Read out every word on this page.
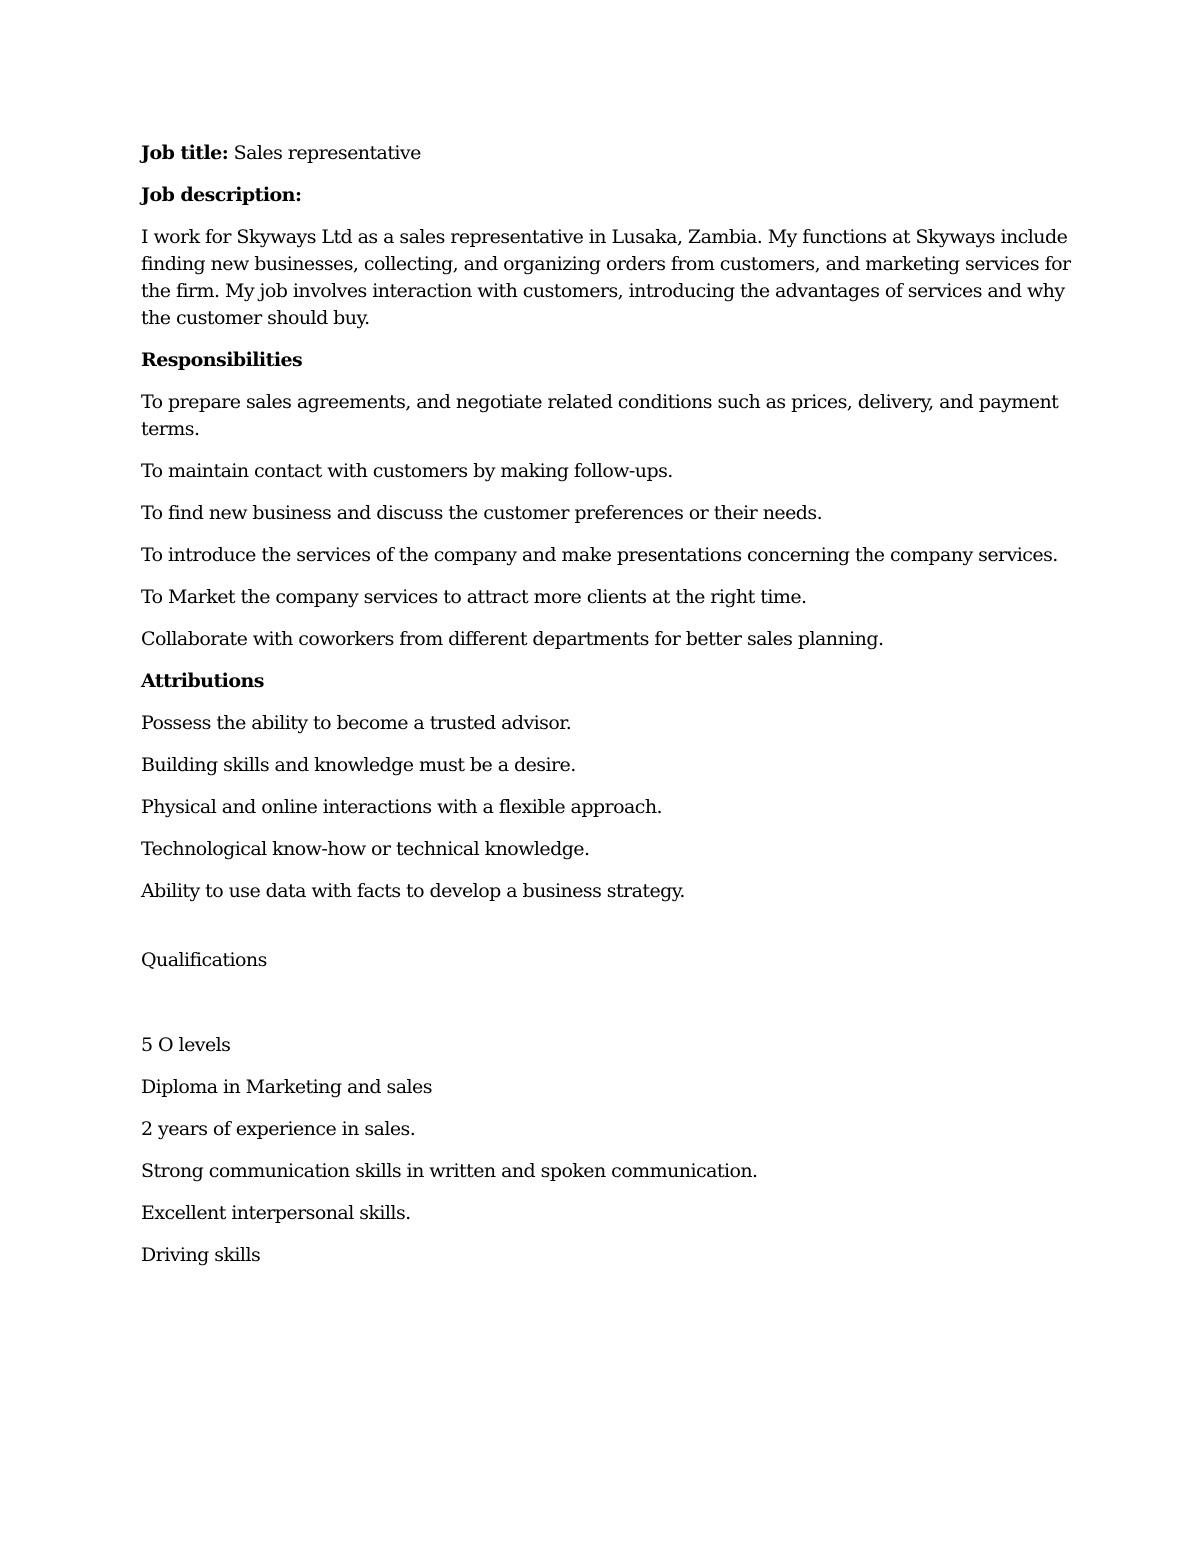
Job title: Sales representative

Job description:

I work for Skyways Ltd as a sales representative in Lusaka, Zambia. My functions at Skyways include finding new businesses, collecting, and organizing orders from customers, and marketing services for the firm. My job involves interaction with customers, introducing the advantages of services and why the customer should buy.

Responsibilities

To prepare sales agreements, and negotiate related conditions such as prices, delivery, and payment terms.

To maintain contact with customers by making follow-ups.

To find new business and discuss the customer preferences or their needs.

To introduce the services of the company and make presentations concerning the company services.

To Market the company services to attract more clients at the right time.

Collaborate with coworkers from different departments for better sales planning.

Attributions

Possess the ability to become a trusted advisor.

Building skills and knowledge must be a desire.

Physical and online interactions with a flexible approach.

Technological know-how or technical knowledge.

Ability to use data with facts to develop a business strategy.

Qualifications

5 O levels

Diploma in Marketing and sales

2 years of experience in sales.

Strong communication skills in written and spoken communication.

Excellent interpersonal skills.

Driving skills
